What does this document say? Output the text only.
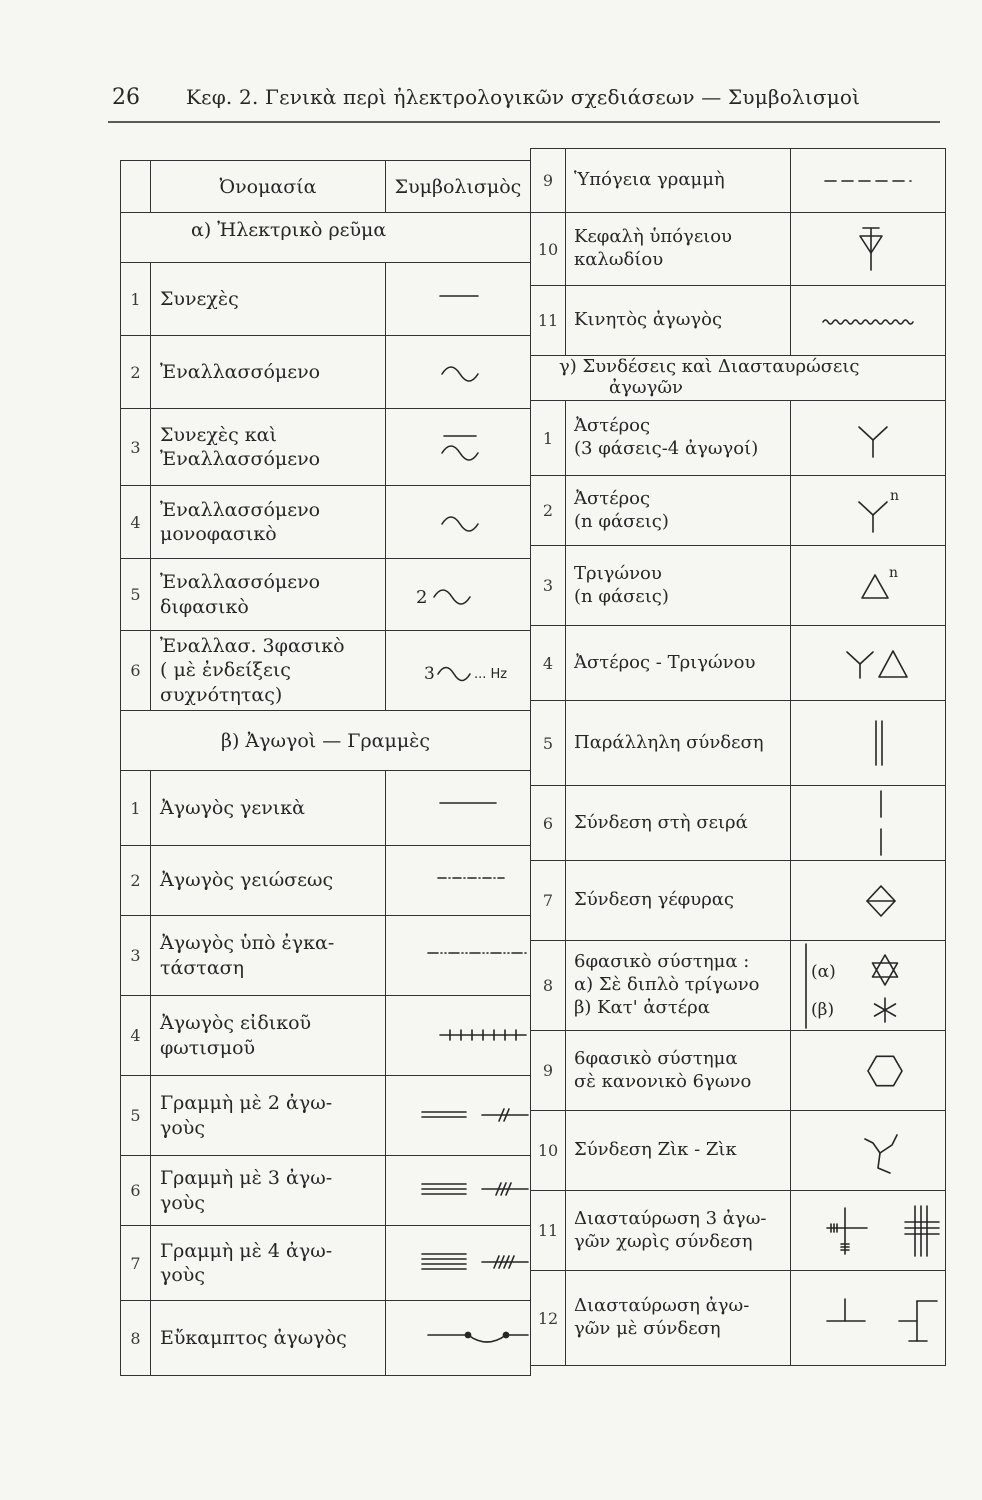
26 Κεφ. 2. Γενικὰ περὶ ἠλεκτρολογικῶν σχεδιάσεων — Συμβολισμοὶ
	Ὀνομασία	Συμβολισμὸς
α) Ἠλεκτρικὸ ρεῦμα		
1	Συνεχὲς

2	Ἐναλλασσόμενο

3	Συνεχὲς καὶ
Ἐναλλασσόμενο

4	Ἐναλλασσόμενο
μονοφασικὸ

5	Ἐναλλασσόμενο
διφασικὸ	2

6	Ἐναλλασ. 3φασικὸ
( μὲ ἐνδείξεις
συχνότητας)	3 ... Hz

β) Ἀγωγοὶ — Γραμμὲς		
1	Ἀγωγὸς γενικὰ

2	Ἀγωγὸς γειώσεως

3	Ἀγωγὸς ὑπὸ ἐγκα-
τάσταση

4	Ἀγωγὸς εἰδικοῦ
φωτισμοῦ

5	Γραμμὴ μὲ 2 ἀγω-
γοὺς

6	Γραμμὴ μὲ 3 ἀγω-
γοὺς

7	Γραμμὴ μὲ 4 ἀγω-
γοὺς

8	Εὔκαμπτος ἀγωγὸς

9	Ὑπόγεια γραμμὴ

10	Κεφαλὴ ὑπόγειου
καλωδίου

11	Κινητὸς ἀγωγὸς

γ) Συνδέσεις καὶ Διασταυρώσεις
ἀγωγῶν		

1	Ἀστέρος
(3 φάσεις-4 ἀγωγοί)

2	Ἀστέρος
(n φάσεις)	n

3	Τριγώνου
(n φάσεις)	n

4	Ἀστέρος - Τριγώνου

5	Παράλληλη σύνδεση

6	Σύνδεση στὴ σειρά

7	Σύνδεση γέφυρας

8	6φασικὸ σύστημα :
α) Σὲ διπλὸ τρίγωνο
β) Κατ' ἀστέρα	(α)
(β)

9	6φασικὸ σύστημα
σὲ κανονικὸ 6γωνο

10	Σύνδεση Ζὶκ - Ζὶκ

11	Διασταύρωση 3 ἀγω-
γῶν χωρὶς σύνδεση

12	Διασταύρωση ἀγω-
γῶν μὲ σύνδεση
